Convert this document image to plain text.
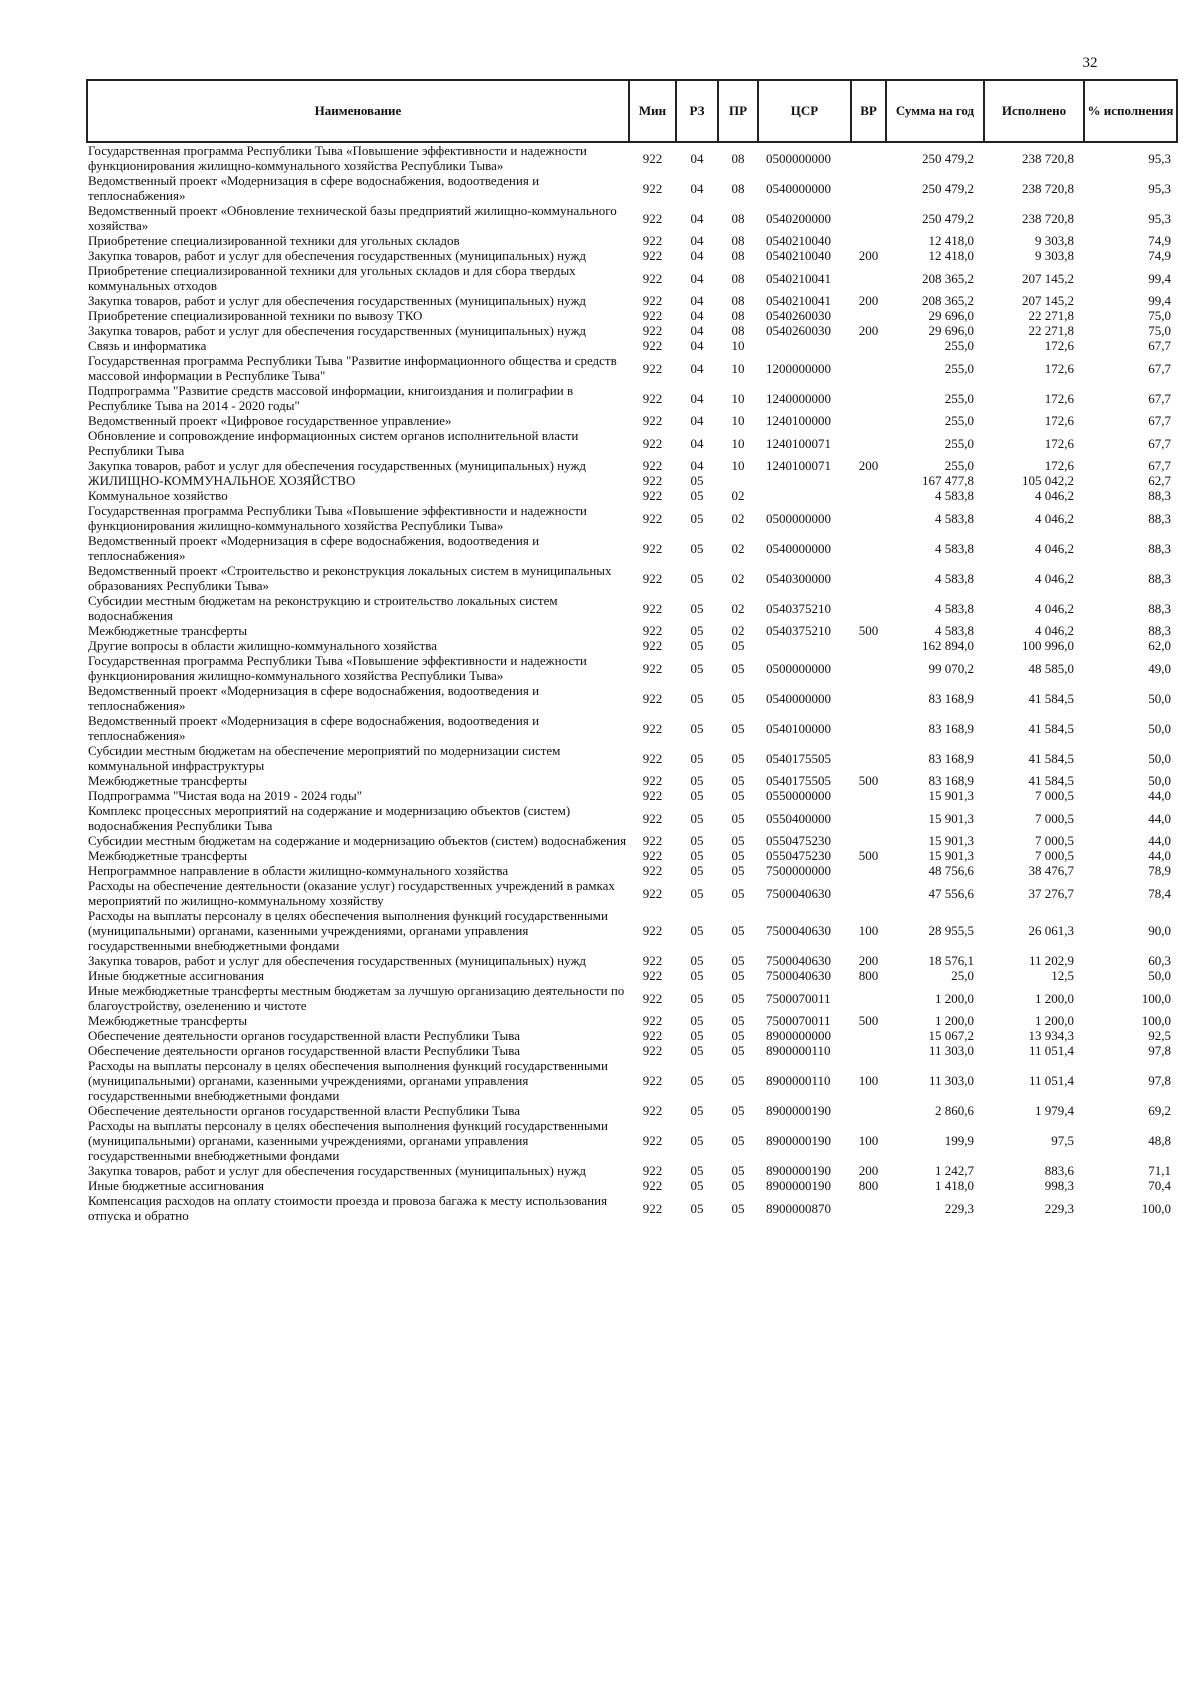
32
Наименование	Мин	РЗ	ПР	ЦСР	ВР	Сумма на год	Исполнено	% исполнения
Государственная программа Республики Тыва «Повышение эффективности и надежности функционирования жилищно-коммунального хозяйства Республики Тыва»	922	04	08	0500000000		250 479,2	238 720,8	95,3
Ведомственный проект «Модернизация в сфере водоснабжения, водоотведения и теплоснабжения»	922	04	08	0540000000		250 479,2	238 720,8	95,3
Ведомственный проект «Обновление технической базы предприятий жилищно-коммунального хозяйства»	922	04	08	0540200000		250 479,2	238 720,8	95,3
Приобретение специализированной техники для угольных складов	922	04	08	0540210040		12 418,0	9 303,8	74,9
Закупка товаров, работ и услуг для обеспечения государственных (муниципальных) нужд	922	04	08	0540210040	200	12 418,0	9 303,8	74,9
Приобретение специализированной техники для угольных складов и для сбора твердых коммунальных отходов	922	04	08	0540210041		208 365,2	207 145,2	99,4
Закупка товаров, работ и услуг для обеспечения государственных (муниципальных) нужд	922	04	08	0540210041	200	208 365,2	207 145,2	99,4
Приобретение специализированной техники по вывозу ТКО	922	04	08	0540260030		29 696,0	22 271,8	75,0
Закупка товаров, работ и услуг для обеспечения государственных (муниципальных) нужд	922	04	08	0540260030	200	29 696,0	22 271,8	75,0
Связь и информатика	922	04	10			255,0	172,6	67,7
Государственная программа Республики Тыва "Развитие информационного общества и средств массовой информации в Республике Тыва"	922	04	10	1200000000		255,0	172,6	67,7
Подпрограмма "Развитие средств массовой информации, книгоиздания и полиграфии в Республике Тыва на 2014 - 2020 годы"	922	04	10	1240000000		255,0	172,6	67,7
Ведомственный проект «Цифровое государственное управление»	922	04	10	1240100000		255,0	172,6	67,7
Обновление и сопровождение информационных систем органов исполнительной власти Республики Тыва	922	04	10	1240100071		255,0	172,6	67,7
Закупка товаров, работ и услуг для обеспечения государственных (муниципальных) нужд	922	04	10	1240100071	200	255,0	172,6	67,7
ЖИЛИЩНО-КОММУНАЛЬНОЕ ХОЗЯЙСТВО	922	05				167 477,8	105 042,2	62,7
Коммунальное хозяйство	922	05	02			4 583,8	4 046,2	88,3
Государственная программа Республики Тыва «Повышение эффективности и надежности функционирования жилищно-коммунального хозяйства Республики Тыва»	922	05	02	0500000000		4 583,8	4 046,2	88,3
Ведомственный проект «Модернизация в сфере водоснабжения, водоотведения и теплоснабжения»	922	05	02	0540000000		4 583,8	4 046,2	88,3
Ведомственный проект «Строительство и реконструкция локальных систем в муниципальных образованиях Республики Тыва»	922	05	02	0540300000		4 583,8	4 046,2	88,3
Субсидии местным бюджетам на реконструкцию и строительство локальных систем водоснабжения	922	05	02	0540375210		4 583,8	4 046,2	88,3
Межбюджетные трансферты	922	05	02	0540375210	500	4 583,8	4 046,2	88,3
Другие вопросы в области жилищно-коммунального хозяйства	922	05	05			162 894,0	100 996,0	62,0
Государственная программа Республики Тыва «Повышение эффективности и надежности функционирования жилищно-коммунального хозяйства Республики Тыва»	922	05	05	0500000000		99 070,2	48 585,0	49,0
Ведомственный проект «Модернизация в сфере водоснабжения, водоотведения и теплоснабжения»	922	05	05	0540000000		83 168,9	41 584,5	50,0
Ведомственный проект «Модернизация в сфере водоснабжения, водоотведения и теплоснабжения»	922	05	05	0540100000		83 168,9	41 584,5	50,0
Субсидии местным бюджетам на обеспечение мероприятий по модернизации систем коммунальной инфраструктуры	922	05	05	0540175505		83 168,9	41 584,5	50,0
Межбюджетные трансферты	922	05	05	0540175505	500	83 168,9	41 584,5	50,0
Подпрограмма "Чистая вода на 2019 - 2024 годы"	922	05	05	0550000000		15 901,3	7 000,5	44,0
Комплекс процессных мероприятий на содержание и модернизацию объектов (систем) водоснабжения Республики Тыва	922	05	05	0550400000		15 901,3	7 000,5	44,0
Субсидии местным бюджетам на содержание и модернизацию объектов (систем) водоснабжения	922	05	05	0550475230		15 901,3	7 000,5	44,0
Межбюджетные трансферты	922	05	05	0550475230	500	15 901,3	7 000,5	44,0
Непрограммное направление в области жилищно-коммунального хозяйства	922	05	05	7500000000		48 756,6	38 476,7	78,9
Расходы на обеспечение деятельности (оказание услуг) государственных учреждений в рамках мероприятий по жилищно-коммунальному хозяйству	922	05	05	7500040630		47 556,6	37 276,7	78,4
Расходы на выплаты персоналу в целях обеспечения выполнения функций государственными (муниципальными) органами, казенными учреждениями, органами управления государственными внебюджетными фондами	922	05	05	7500040630	100	28 955,5	26 061,3	90,0
Закупка товаров, работ и услуг для обеспечения государственных (муниципальных) нужд	922	05	05	7500040630	200	18 576,1	11 202,9	60,3
Иные бюджетные ассигнования	922	05	05	7500040630	800	25,0	12,5	50,0
Иные межбюджетные трансферты местным бюджетам за лучшую организацию деятельности по благоустройству, озеленению и чистоте	922	05	05	7500070011		1 200,0	1 200,0	100,0
Межбюджетные трансферты	922	05	05	7500070011	500	1 200,0	1 200,0	100,0
Обеспечение деятельности органов государственной власти Республики Тыва	922	05	05	8900000000		15 067,2	13 934,3	92,5
Обеспечение деятельности органов государственной власти Республики Тыва	922	05	05	8900000110		11 303,0	11 051,4	97,8
Расходы на выплаты персоналу в целях обеспечения выполнения функций государственными (муниципальными) органами, казенными учреждениями, органами управления государственными внебюджетными фондами	922	05	05	8900000110	100	11 303,0	11 051,4	97,8
Обеспечение деятельности органов государственной власти Республики Тыва	922	05	05	8900000190		2 860,6	1 979,4	69,2
Расходы на выплаты персоналу в целях обеспечения выполнения функций государственными (муниципальными) органами, казенными учреждениями, органами управления государственными внебюджетными фондами	922	05	05	8900000190	100	199,9	97,5	48,8
Закупка товаров, работ и услуг для обеспечения государственных (муниципальных) нужд	922	05	05	8900000190	200	1 242,7	883,6	71,1
Иные бюджетные ассигнования	922	05	05	8900000190	800	1 418,0	998,3	70,4
Компенсация расходов на оплату стоимости проезда и провоза багажа к месту использования отпуска и обратно	922	05	05	8900000870		229,3	229,3	100,0
